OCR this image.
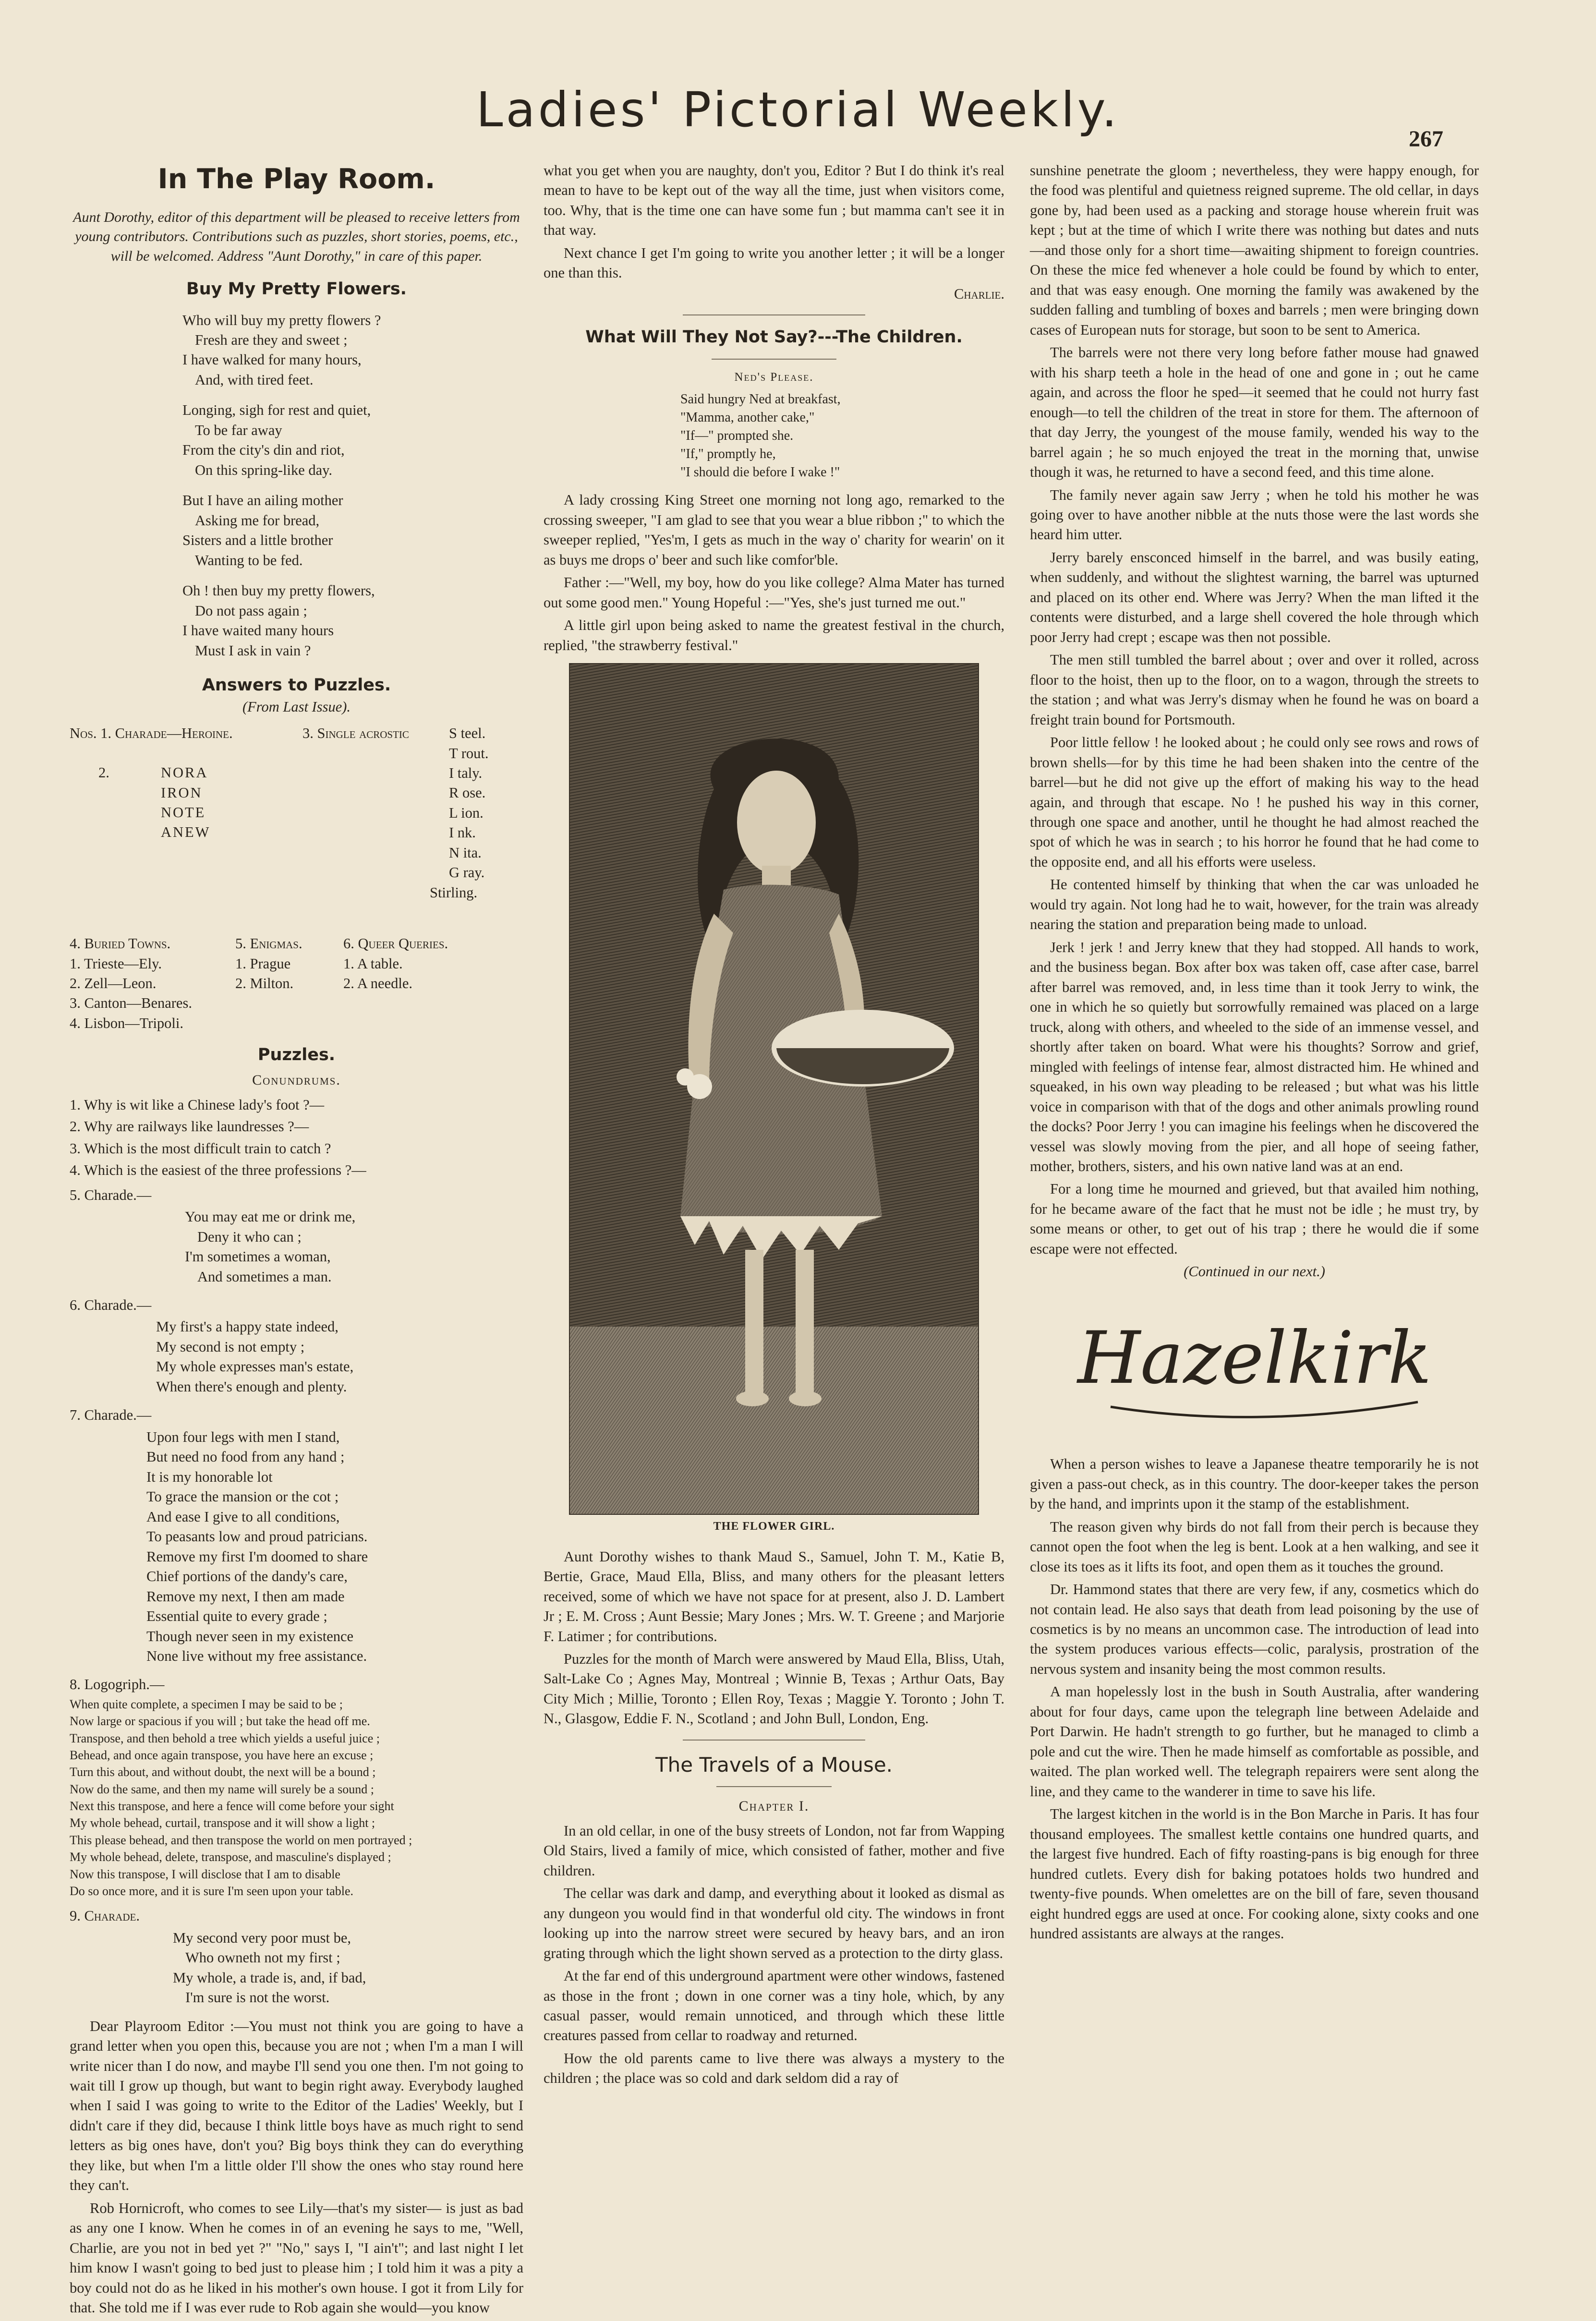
Ladies' Pictorial Weekly.
267
In The Play Room.

Aunt Dorothy, editor of this department will be pleased to receive letters from young contributors. Contributions such as puzzles, short stories, poems, etc., will be welcomed. Address "Aunt Dorothy," in care of this paper.

Buy My Pretty Flowers.
Who will buy my pretty flowers ?
Fresh are they and sweet ;
I have walked for many hours,
And, with tired feet.
Longing, sigh for rest and quiet,
To be far away
From the city's din and riot,
On this spring-like day.
But I have an ailing mother
Asking me for bread,
Sisters and a little brother
Wanting to be fed.
Oh ! then buy my pretty flowers,
Do not pass again ;
I have waited many hours
Must I ask in vain ?
Answers to Puzzles.
(From Last Issue).
Nos. 1. Charade—Heroine.	3. Single acrostic
2.	NORA
IRON
NOTE
ANEW
S teel.
T rout.
I taly.
R ose.
L ion.
I nk.
N ita.
G ray.
Stirling.
4. Buried Towns.	5. Enigmas.	6. Queer Queries.
1. Trieste—Ely.	1. Prague	1. A table.
2. Zell—Leon.	2. Milton.	2. A needle.
3. Canton—Benares.
4. Lisbon—Tripoli.
Puzzles.
Conundrums.
1. Why is wit like a Chinese lady's foot ?—
2. Why are railways like laundresses ?—
3. Which is the most difficult train to catch ?
4. Which is the easiest of the three professions ?—
5. Charade.—
You may eat me or drink me,
Deny it who can ;
I'm sometimes a woman,
And sometimes a man.
6. Charade.—
My first's a happy state indeed,
My second is not empty ;
My whole expresses man's estate,
When there's enough and plenty.
7. Charade.—
Upon four legs with men I stand,
But need no food from any hand ;
It is my honorable lot
To grace the mansion or the cot ;
And ease I give to all conditions,
To peasants low and proud patricians.
Remove my first I'm doomed to share
Chief portions of the dandy's care,
Remove my next, I then am made
Essential quite to every grade ;
Though never seen in my existence
None live without my free assistance.
8. Logogriph.—
When quite complete, a specimen I may be said to be ;
Now large or spacious if you will ; but take the head off me.
Transpose, and then behold a tree which yields a useful juice ;
Behead, and once again transpose, you have here an excuse ;
Turn this about, and without doubt, the next will be a bound ;
Now do the same, and then my name will surely be a sound ;
Next this transpose, and here a fence will come before your sight
My whole behead, curtail, transpose and it will show a light ;
This please behead, and then transpose the world on men portrayed ;
My whole behead, delete, transpose, and masculine's displayed ;
Now this transpose, I will disclose that I am to disable
Do so once more, and it is sure I'm seen upon your table.
9. Charade.
My second very poor must be,
Who owneth not my first ;
My whole, a trade is, and, if bad,
I'm sure is not the worst.

Dear Playroom Editor :—You must not think you are going to have a grand letter when you open this, because you are not ; when I'm a man I will write nicer than I do now, and maybe I'll send you one then. I'm not going to wait till I grow up though, but want to begin right away. Everybody laughed when I said I was going to write to the Editor of the Ladies' Weekly, but I didn't care if they did, because I think little boys have as much right to send letters as big ones have, don't you? Big boys think they can do everything they like, but when I'm a little older I'll show the ones who stay round here they can't.

Rob Hornicroft, who comes to see Lily—that's my sister— is just as bad as any one I know. When he comes in of an evening he says to me, "Well, Charlie, are you not in bed yet ?" "No," says I, "I ain't"; and last night I let him know I wasn't going to bed just to please him ; I told him it was a pity a boy could not do as he liked in his mother's own house. I got it from Lily for that. She told me if I was ever rude to Rob again she would—you know

what you get when you are naughty, don't you, Editor ? But I do think it's real mean to have to be kept out of the way all the time, just when visitors come, too. Why, that is the time one can have some fun ; but mamma can't see it in that way.

Next chance I get I'm going to write you another letter ; it will be a longer one than this.

Charlie.
What Will They Not Say?---The Children.
Ned's Please.
Said hungry Ned at breakfast,
"Mamma, another cake,"
"If—" prompted she.
"If," promptly he,
"I should die before I wake !"

A lady crossing King Street one morning not long ago, remarked to the crossing sweeper, "I am glad to see that you wear a blue ribbon ;" to which the sweeper replied, "Yes'm, I gets as much in the way o' charity for wearin' on it as buys me drops o' beer and such like comfor'ble.

Father :—"Well, my boy, how do you like college? Alma Mater has turned out some good men." Young Hopeful :—"Yes, she's just turned me out."

A little girl upon being asked to name the greatest festival in the church, replied, "the strawberry festival."

THE FLOWER GIRL.

Aunt Dorothy wishes to thank Maud S., Samuel, John T. M., Katie B, Bertie, Grace, Maud Ella, Bliss, and many others for the pleasant letters received, some of which we have not space for at present, also J. D. Lambert Jr ; E. M. Cross ; Aunt Bessie; Mary Jones ; Mrs. W. T. Greene ; and Marjorie F. Latimer ; for contributions.

Puzzles for the month of March were answered by Maud Ella, Bliss, Utah, Salt-Lake Co ; Agnes May, Montreal ; Winnie B, Texas ; Arthur Oats, Bay City Mich ; Millie, Toronto ; Ellen Roy, Texas ; Maggie Y. Toronto ; John T. N., Glasgow, Eddie F. N., Scotland ; and John Bull, London, Eng.

The Travels of a Mouse.
Chapter I.

In an old cellar, in one of the busy streets of London, not far from Wapping Old Stairs, lived a family of mice, which consisted of father, mother and five children.

The cellar was dark and damp, and everything about it looked as dismal as any dungeon you would find in that wonderful old city. The windows in front looking up into the narrow street were secured by heavy bars, and an iron grating through which the light shown served as a protection to the dirty glass.

At the far end of this underground apartment were other windows, fastened as those in the front ; down in one corner was a tiny hole, which, by any casual passer, would remain unnoticed, and through which these little creatures passed from cellar to roadway and returned.

How the old parents came to live there was always a mystery to the children ; the place was so cold and dark seldom did a ray of

sunshine penetrate the gloom ; nevertheless, they were happy enough, for the food was plentiful and quietness reigned supreme. The old cellar, in days gone by, had been used as a packing and storage house wherein fruit was kept ; but at the time of which I write there was nothing but dates and nuts—and those only for a short time—awaiting shipment to foreign countries. On these the mice fed whenever a hole could be found by which to enter, and that was easy enough. One morning the family was awakened by the sudden falling and tumbling of boxes and barrels ; men were bringing down cases of European nuts for storage, but soon to be sent to America.

The barrels were not there very long before father mouse had gnawed with his sharp teeth a hole in the head of one and gone in ; out he came again, and across the floor he sped—it seemed that he could not hurry fast enough—to tell the children of the treat in store for them. The afternoon of that day Jerry, the youngest of the mouse family, wended his way to the barrel again ; he so much enjoyed the treat in the morning that, unwise though it was, he returned to have a second feed, and this time alone.

The family never again saw Jerry ; when he told his mother he was going over to have another nibble at the nuts those were the last words she heard him utter.

Jerry barely ensconced himself in the barrel, and was busily eating, when suddenly, and without the slightest warning, the barrel was upturned and placed on its other end. Where was Jerry? When the man lifted it the contents were disturbed, and a large shell covered the hole through which poor Jerry had crept ; escape was then not possible.

The men still tumbled the barrel about ; over and over it rolled, across floor to the hoist, then up to the floor, on to a wagon, through the streets to the station ; and what was Jerry's dismay when he found he was on board a freight train bound for Portsmouth.

Poor little fellow ! he looked about ; he could only see rows and rows of brown shells—for by this time he had been shaken into the centre of the barrel—but he did not give up the effort of making his way to the head again, and through that escape. No ! he pushed his way in this corner, through one space and another, until he thought he had almost reached the spot of which he was in search ; to his horror he found that he had come to the opposite end, and all his efforts were useless.

He contented himself by thinking that when the car was unloaded he would try again. Not long had he to wait, however, for the train was already nearing the station and preparation being made to unload.

Jerk ! jerk ! and Jerry knew that they had stopped. All hands to work, and the business began. Box after box was taken off, case after case, barrel after barrel was removed, and, in less time than it took Jerry to wink, the one in which he so quietly but sorrowfully remained was placed on a large truck, along with others, and wheeled to the side of an immense vessel, and shortly after taken on board. What were his thoughts? Sorrow and grief, mingled with feelings of intense fear, almost distracted him. He whined and squeaked, in his own way pleading to be released ; but what was his little voice in comparison with that of the dogs and other animals prowling round the docks? Poor Jerry ! you can imagine his feelings when he discovered the vessel was slowly moving from the pier, and all hope of seeing father, mother, brothers, sisters, and his own native land was at an end.

For a long time he mourned and grieved, but that availed him nothing, for he became aware of the fact that he must not be idle ; he must try, by some means or other, to get out of his trap ; there he would die if some escape were not effected.

(Continued in our next.)
Hazelkirk

When a person wishes to leave a Japanese theatre temporarily he is not given a pass-out check, as in this country. The door-keeper takes the person by the hand, and imprints upon it the stamp of the establishment.

The reason given why birds do not fall from their perch is because they cannot open the foot when the leg is bent. Look at a hen walking, and see it close its toes as it lifts its foot, and open them as it touches the ground.

Dr. Hammond states that there are very few, if any, cosmetics which do not contain lead. He also says that death from lead poisoning by the use of cosmetics is by no means an uncommon case. The introduction of lead into the system produces various effects—colic, paralysis, prostration of the nervous system and insanity being the most common results.

A man hopelessly lost in the bush in South Australia, after wandering about for four days, came upon the telegraph line between Adelaide and Port Darwin. He hadn't strength to go further, but he managed to climb a pole and cut the wire. Then he made himself as comfortable as possible, and waited. The plan worked well. The telegraph repairers were sent along the line, and they came to the wanderer in time to save his life.

The largest kitchen in the world is in the Bon Marche in Paris. It has four thousand employees. The smallest kettle contains one hundred quarts, and the largest five hundred. Each of fifty roasting-pans is big enough for three hundred cutlets. Every dish for baking potatoes holds two hundred and twenty-five pounds. When omelettes are on the bill of fare, seven thousand eight hundred eggs are used at once. For cooking alone, sixty cooks and one hundred assistants are always at the ranges.
